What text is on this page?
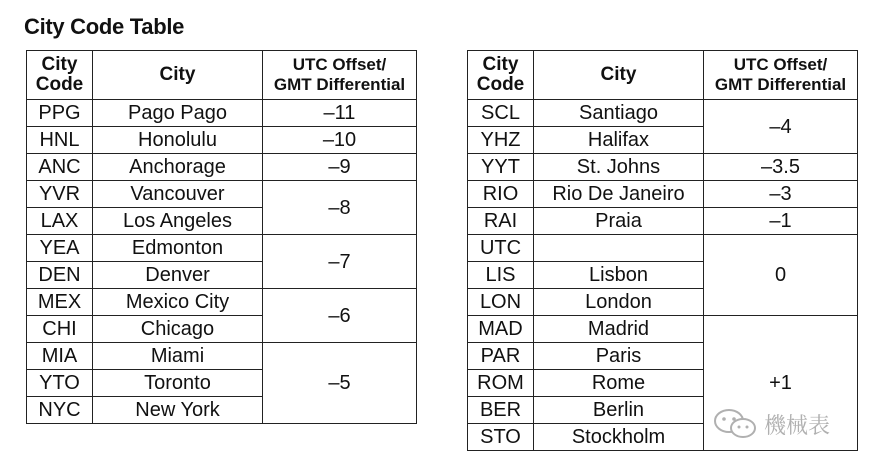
City Code Table
City
Code	City	UTC Offset/
GMT Differential
PPG	Pago Pago	–11
HNL	Honolulu	–10
ANC	Anchorage	–9
YVR	Vancouver	–8
LAX	Los Angeles	
YEA	Edmonton	–7
DEN	Denver	
MEX	Mexico City	–6
CHI	Chicago	
MIA	Miami	–5
YTO	Toronto	
NYC	New York	
City
Code	City	UTC Offset/
GMT Differential
SCL	Santiago	–4
YHZ	Halifax	
YYT	St. Johns	–3.5
RIO	Rio De Janeiro	–3
RAI	Praia	–1
UTC		0
LIS	Lisbon	
LON	London	
MAD	Madrid	+1
PAR	Paris	
ROM	Rome	
BER	Berlin	
STO	Stockholm		機械表
